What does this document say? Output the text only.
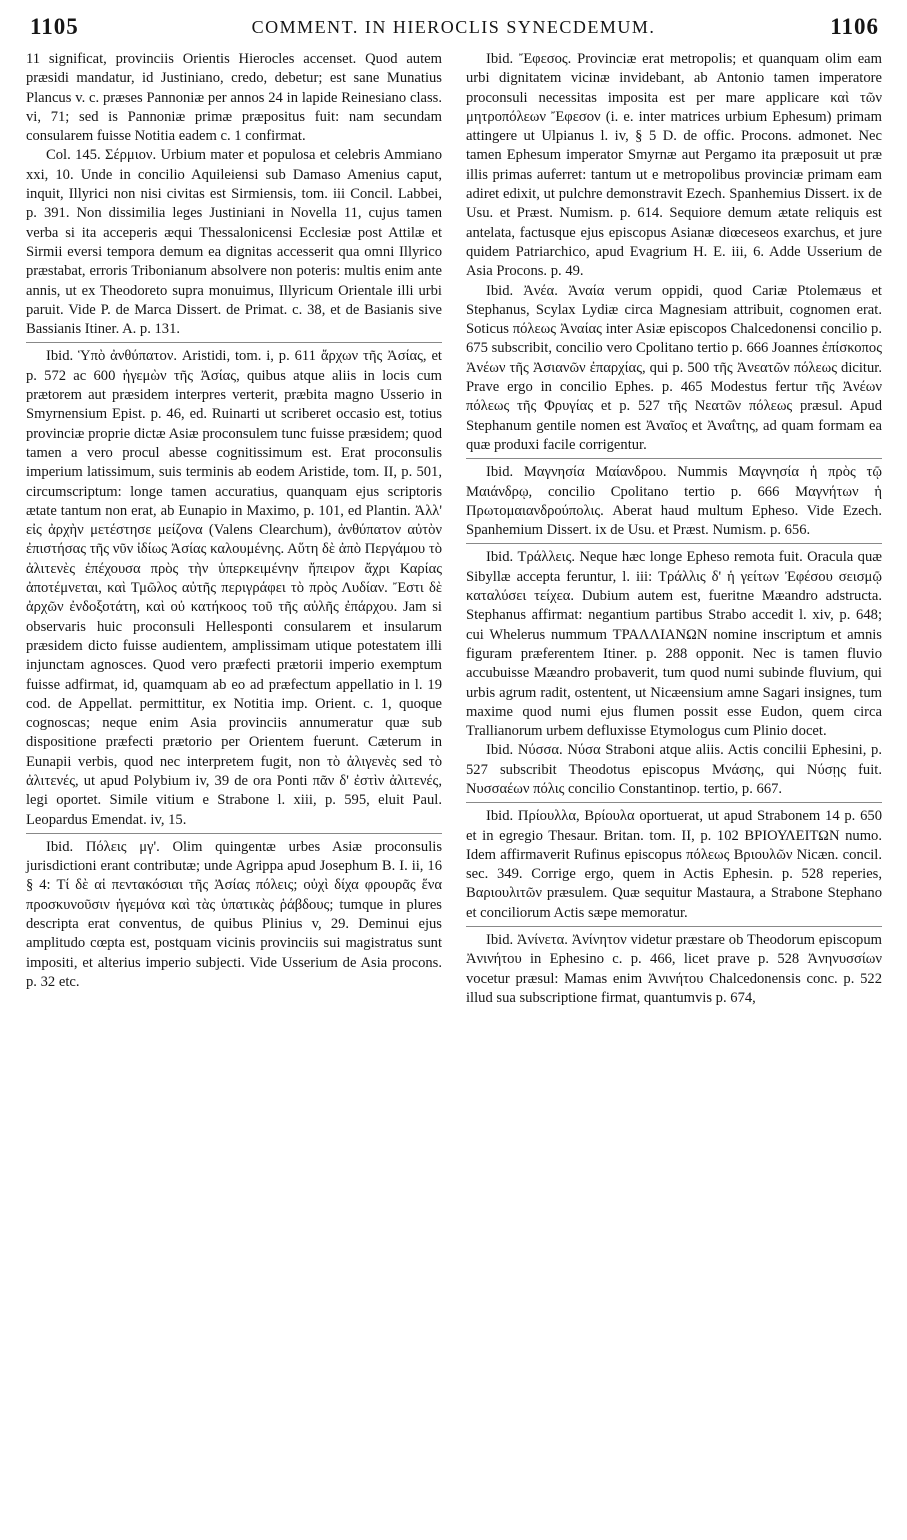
1105	COMMENT. IN HIEROCLIS SYNECDEMUM.	1106

11 significat, provinciis Orientis Hierocles accenset. Quod autem præsidi mandatur, id Justiniano, credo, debetur; est sane Munatius Plancus v. c. præses Pannoniæ per annos 24 in lapide Reinesiano class. vi, 71; sed is Pannoniæ primæ præpositus fuit: nam secundam consularem fuisse Notitia eadem c. 1 confirmat.

Col. 145. Σέρμιον. Urbium mater et populosa et celebris Ammiano xxi, 10. Unde in concilio Aquileiensi sub Damaso Amenius caput, inquit, Illyrici non nisi civitas est Sirmiensis, tom. iii Concil. Labbei, p. 391. Non dissimilia leges Justiniani in Novella 11, cujus tamen verba si ita acceperis æqui Thessalonicensi Ecclesiæ post Attilæ et Sirmii eversi tempora demum ea dignitas accesserit qua omni Illyrico præstabat, erroris Tribonianum absolvere non poteris: multis enim ante annis, ut ex Theodoreto supra monuimus, Illyricum Orientale illi urbi paruit. Vide P. de Marca Dissert. de Primat. c. 38, et de Basianis sive Bassianis Itiner. A. p. 131.

Ibid. Ὑπὸ ἀνθύπατον. Aristidi, tom. i, p. 611 ἄρχων τῆς Ἀσίας, et p. 572 ac 600 ἡγεμὼν τῆς Ἀσίας, quibus atque aliis in locis cum prætorem aut præsidem interpres verterit, præbita magno Usserio in Smyrnensium Epist. p. 46, ed. Ruinarti ut scriberet occasio est, totius provinciæ proprie dictæ Asiæ proconsulem tunc fuisse præsidem; quod tamen a vero procul abesse cognitissimum est. Erat proconsulis imperium latissimum, suis terminis ab eodem Aristide, tom. II, p. 501, circumscriptum: longe tamen accuratius, quanquam ejus scriptoris ætate tantum non erat, ab Eunapio in Maximo, p. 101, ed Plantin. Ἀλλ' εἰς ἀρχὴν μετέστησε μείζονα (Valens Clearchum), ἀνθύπατον αὐτὸν ἐπιστήσας τῆς νῦν ἰδίως Ἀσίας καλουμένης. Αὕτη δὲ ἀπὸ Περγάμου τὸ ἀλιτενὲς ἐπέχουσα πρὸς τὴν ὑπερκειμένην ἤπειρον ἄχρι Καρίας ἀποτέμνεται, καὶ Τμῶλος αὐτῆς περιγράφει τὸ πρὸς Λυδίαν. Ἔστι δὲ ἀρχῶν ἐνδοξοτάτη, καὶ οὐ κατήκοος τοῦ τῆς αὐλῆς ἐπάρχου. Jam si observaris huic proconsuli Hellesponti consularem et insularum præsidem dicto fuisse audientem, amplissimam utique potestatem illi injunctam agnosces. Quod vero præfecti prætorii imperio exemptum fuisse adfirmat, id, quamquam ab eo ad præfectum appellatio in l. 19 cod. de Appellat. permittitur, ex Notitia imp. Orient. c. 1, quoque cognoscas; neque enim Asia provinciis annumeratur quæ sub dispositione præfecti prætorio per Orientem fuerunt. Cæterum in Eunapii verbis, quod nec interpretem fugit, non τὸ ἀλιγενὲς sed τὸ ἀλιτενές, ut apud Polybium iv, 39 de ora Ponti πᾶν δ' ἐστὶν ἀλιτενές, legi oportet. Simile vitium e Strabone l. xiii, p. 595, eluit Paul. Leopardus Emendat. iv, 15.

Ibid. Πόλεις μγ'. Olim quingentæ urbes Asiæ proconsulis jurisdictioni erant contributæ; unde Agrippa apud Josephum B. I. ii, 16 § 4: Τί δὲ αἱ πεντακόσιαι τῆς Ἀσίας πόλεις; οὐχὶ δίχα φρουρᾶς ἕνα προσκυνοῦσιν ἡγεμόνα καὶ τὰς ὑπατικὰς ῥάβδους; tumque in plures descripta erat conventus, de quibus Plinius v, 29. Deminui ejus amplitudo cœpta est, postquam vicinis provinciis sui magistratus sunt impositi, et alterius imperio subjecti. Vide Usserium de Asia procons. p. 32 etc.

Ibid. Ἔφεσος. Provinciæ erat metropolis; et quanquam olim eam urbi dignitatem vicinæ invidebant, ab Antonio tamen imperatore proconsuli necessitas imposita est per mare applicare καὶ τῶν μητροπόλεων Ἔφεσον (i. e. inter matrices urbium Ephesum) primam attingere ut Ulpianus l. iv, § 5 D. de offic. Procons. admonet. Nec tamen Ephesum imperator Smyrnæ aut Pergamo ita præposuit ut præ illis primas auferret: tantum ut e metropolibus provinciæ primam eam adiret edixit, ut pulchre demonstravit Ezech. Spanhemius Dissert. ix de Usu. et Præst. Numism. p. 614. Sequiore demum ætate reliquis est antelata, factusque ejus episcopus Asianæ diœceseos exarchus, et jure quidem Patriarchico, apud Evagrium H. E. iii, 6. Adde Usserium de Asia Procons. p. 49.

Ibid. Ἀνέα. Ἀναία verum oppidi, quod Cariæ Ptolemæus et Stephanus, Scylax Lydiæ circa Magnesiam attribuit, cognomen erat. Soticus πόλεως Ἀναίας inter Asiæ episcopos Chalcedonensi concilio p. 675 subscribit, concilio vero Cpolitano tertio p. 666 Joannes ἐπίσκοπος Ἀνέων τῆς Ἀσιανῶν ἐπαρχίας, qui p. 500 τῆς Ἀνεατῶν πόλεως dicitur. Prave ergo in concilio Ephes. p. 465 Modestus fertur τῆς Ἀνέων πόλεως τῆς Φρυγίας et p. 527 τῆς Νεατῶν πόλεως præsul. Apud Stephanum gentile nomen est Ἀναῖος et Ἀναΐτης, ad quam formam ea quæ produxi facile corrigentur.

Ibid. Μαγνησία Μαίανδρου. Nummis Μαγνησία ἡ πρὸς τῷ Μαιάνδρῳ, concilio Cpolitano tertio p. 666 Μαγνήτων ἡ Πρωτομαιανδρούπολις. Aberat haud multum Epheso. Vide Ezech. Spanhemium Dissert. ix de Usu. et Præst. Numism. p. 656.

Ibid. Τράλλεις. Neque hæc longe Epheso remota fuit. Oracula quæ Sibyllæ accepta feruntur, l. iii: Τράλλις δ' ἡ γείτων Ἐφέσου σεισμῷ καταλύσει τείχεα. Dubium autem est, fueritne Mæandro adstructa. Stephanus affirmat: negantium partibus Strabo accedit l. xiv, p. 648; cui Whelerus nummum ΤΡΑΛΛΙΑΝΩΝ nomine inscriptum et amnis figuram præferentem Itiner. p. 288 opponit. Nec is tamen fluvio accubuisse Mæandro probaverit, tum quod numi subinde fluvium, qui urbis agrum radit, ostentent, ut Nicæensium amne Sagari insignes, tum maxime quod numi ejus flumen possit esse Eudon, quem circa Trallianorum urbem defluxisse Etymologus cum Plinio docet.

Ibid. Νύσσα. Νύσα Straboni atque aliis. Actis concilii Ephesini, p. 527 subscribit Theodotus episcopus Μνάσης, qui Νύσῃς fuit. Νυσσαέων πόλις concilio Constantinop. tertio, p. 667.

Ibid. Πρίουλλα, Βρίουλα oportuerat, ut apud Strabonem 14 p. 650 et in egregio Thesaur. Britan. tom. II, p. 102 ΒΡΙΟΥΛΕΙΤΩΝ numo. Idem affirmaverit Rufinus episcopus πόλεως Βριουλῶν Nicæn. concil. sec. 349. Corrige ergo, quem in Actis Ephesin. p. 528 reperies, Βαριουλιτῶν præsulem. Quæ sequitur Mastaura, a Strabone Stephano et conciliorum Actis sæpe memoratur.

Ibid. Ἀνίνετα. Ἀνίνητον videtur præstare ob Theodorum episcopum Ἀνινήτου in Ephesino c. p. 466, licet prave p. 528 Ἀνηνυσσίων vocetur præsul: Mamas enim Ἀνινήτου Chalcedonensis conc. p. 522 illud sua subscriptione firmat, quantumvis p. 674,
